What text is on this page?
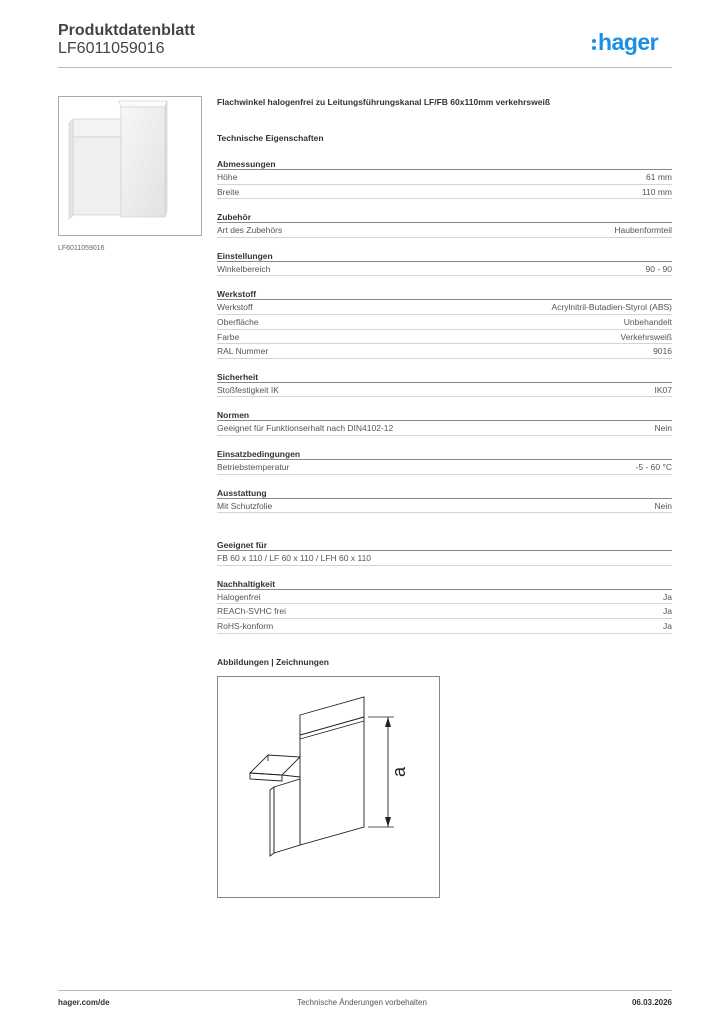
Produktdatenblatt
LF6011059016	hager
LF6011059016
Flachwinkel halogenfrei zu Leitungsführungskanal LF/FB 60x110mm verkehrsweiß
Technische Eigenschaften
Abmessungen
Höhe	61 mm
Breite	110 mm
Zubehör
Art des Zubehörs	Haubenformteil
Einstellungen
Winkelbereich	90 - 90
Werkstoff
Werkstoff	Acrylnitril-Butadien-Styrol (ABS)
Oberfläche	Unbehandelt
Farbe	Verkehrsweiß
RAL Nummer	9016
Sicherheit
Stoßfestigkeit IK	IK07
Normen
Geeignet für Funktionserhalt nach DIN4102-12	Nein
Einsatzbedingungen
Betriebstemperatur	-5 - 60 °C
Ausstattung
Mit Schutzfolie	Nein
Geeignet für
FB 60 x 110 / LF 60 x 110 / LFH 60 x 110
Nachhaltigkeit
Halogenfrei	Ja
REACh-SVHC frei	Ja
RoHS-konform	Ja
Abbildungen | Zeichnungen
a
hager.com/de	Technische Änderungen vorbehalten	06.03.2026
